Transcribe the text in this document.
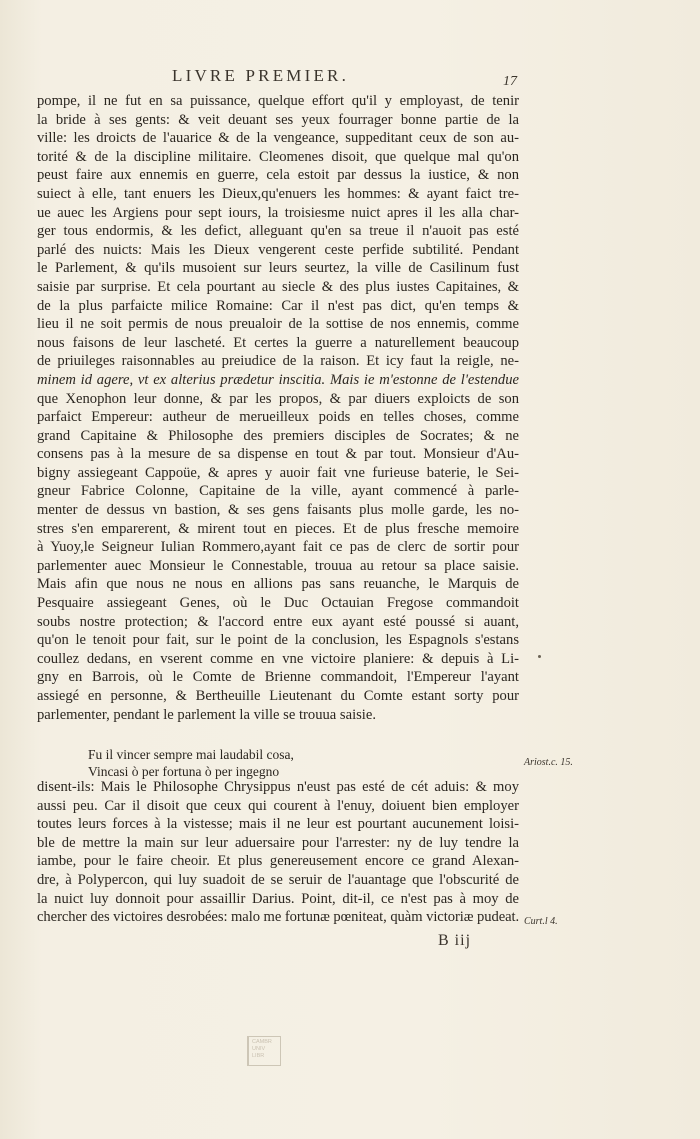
LIVRE PREMIER.	17
pompe, il ne fut en sa puissance, quelque effort qu'il y employast, de tenir
la bride à ses gents: & veit deuant ses yeux fourrager bonne partie de la
ville: les droicts de l'auarice & de la vengeance, suppeditant ceux de son au-
torité & de la discipline militaire. Cleomenes disoit, que quelque mal qu'on
peust faire aux ennemis en guerre, cela estoit par dessus la iustice, & non
suiect à elle, tant enuers les Dieux,qu'enuers les hommes: & ayant faict tre-
ue auec les Argiens pour sept iours, la troisiesme nuict apres il les alla char-
ger tous endormis, & les defict, alleguant qu'en sa treue il n'auoit pas esté
parlé des nuicts: Mais les Dieux vengerent ceste perfide subtilité. Pendant
le Parlement, & qu'ils musoient sur leurs seurtez, la ville de Casilinum fust
saisie par surprise. Et cela pourtant au siecle & des plus iustes Capitaines, &
de la plus parfaicte milice Romaine: Car il n'est pas dict, qu'en temps &
lieu il ne soit permis de nous preualoir de la sottise de nos ennemis, comme
nous faisons de leur lascheté. Et certes la guerre a naturellement beaucoup
de priuileges raisonnables au preiudice de la raison. Et icy faut la reigle, ne-
minem id agere, vt ex alterius prædetur inscitia. Mais ie m'estonne de l'estendue
que Xenophon leur donne, & par les propos, & par diuers exploicts de son
parfaict Empereur: autheur de merueilleux poids en telles choses, comme
grand Capitaine & Philosophe des premiers disciples de Socrates; & ne
consens pas à la mesure de sa dispense en tout & par tout. Monsieur d'Au-
bigny assiegeant Cappoüe, & apres y auoir fait vne furieuse baterie, le Sei-
gneur Fabrice Colonne, Capitaine de la ville, ayant commencé à parle-
menter de dessus vn bastion, & ses gens faisants plus molle garde, les no-
stres s'en emparerent, & mirent tout en pieces. Et de plus fresche memoire
à Yuoy,le Seigneur Iulian Rommero,ayant fait ce pas de clerc de sortir pour
parlementer auec Monsieur le Connestable, trouua au retour sa place saisie.
Mais afin que nous ne nous en allions pas sans reuanche, le Marquis de
Pesquaire assiegeant Genes, où le Duc Octauian Fregose commandoit
soubs nostre protection; & l'accord entre eux ayant esté poussé si auant,
qu'on le tenoit pour fait, sur le point de la conclusion, les Espagnols s'estans
coullez dedans, en vserent comme en vne victoire planiere: & depuis à Li-
gny en Barrois, où le Comte de Brienne commandoit, l'Empereur l'ayant
assiegé en personne, & Bertheuille Lieutenant du Comte estant sorty pour
parlementer, pendant le parlement la ville se trouua saisie.
Fu il vincer sempre mai laudabil cosa,
Vincasi ò per fortuna ò per ingegno
disent-ils: Mais le Philosophe Chrysippus n'eust pas esté de cét aduis: & moy
aussi peu. Car il disoit que ceux qui courent à l'enuy, doiuent bien employer
toutes leurs forces à la vistesse; mais il ne leur est pourtant aucunement loisi-
ble de mettre la main sur leur aduersaire pour l'arrester: ny de luy tendre la
iambe, pour le faire cheoir. Et plus genereusement encore ce grand Alexan-
dre, à Polypercon, qui luy suadoit de se seruir de l'auantage que l'obscurité de
la nuict luy donnoit pour assaillir Darius. Point, dit-il, ce n'est pas à moy de
chercher des victoires desrobées: malo me fortunæ pœniteat, quàm victoriæ pudeat.
Ariost.c. 15.
Curt.l 4.
B iij
CAMBR UNIV LIBR
